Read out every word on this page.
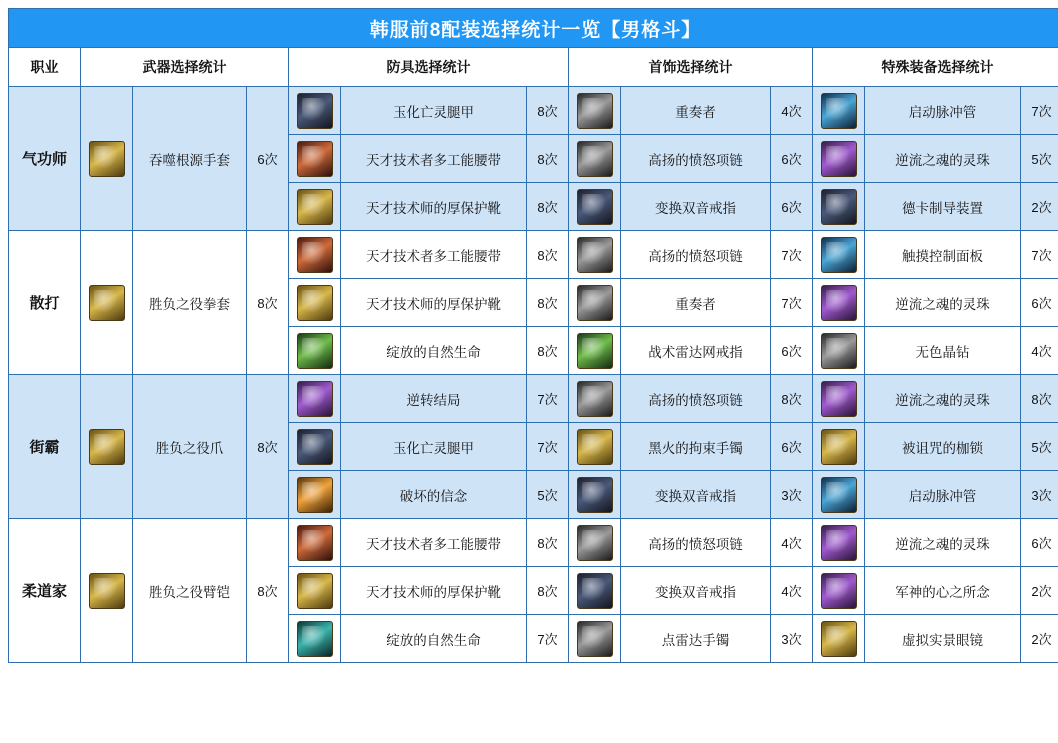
韩服前8配装选择统计一览【男格斗】												
职业	武器选择统计			防具选择统计			首饰选择统计			特殊装备选择统计		
气功师		吞噬根源手套	6次		玉化亡灵腿甲	8次		重奏者	4次		启动脉冲管	7次
					天才技术者多工能腰带	8次		高扬的愤怒项链	6次		逆流之魂的灵珠	5次
					天才技术师的厚保护靴	8次		变换双音戒指	6次		德卡制导装置	2次
散打		胜负之役拳套	8次		天才技术者多工能腰带	8次		高扬的愤怒项链	7次		触摸控制面板	7次
					天才技术师的厚保护靴	8次		重奏者	7次		逆流之魂的灵珠	6次
					绽放的自然生命	8次		战术雷达网戒指	6次		无色晶钻	4次
街霸		胜负之役爪	8次		逆转结局	7次		高扬的愤怒项链	8次		逆流之魂的灵珠	8次
					玉化亡灵腿甲	7次		黑火的拘束手镯	6次		被诅咒的枷锁	5次
					破坏的信念	5次		变换双音戒指	3次		启动脉冲管	3次
柔道家		胜负之役臂铠	8次		天才技术者多工能腰带	8次		高扬的愤怒项链	4次		逆流之魂的灵珠	6次
					天才技术师的厚保护靴	8次		变换双音戒指	4次		军神的心之所念	2次
					绽放的自然生命	7次		点雷达手镯	3次		虚拟实景眼镜	2次
